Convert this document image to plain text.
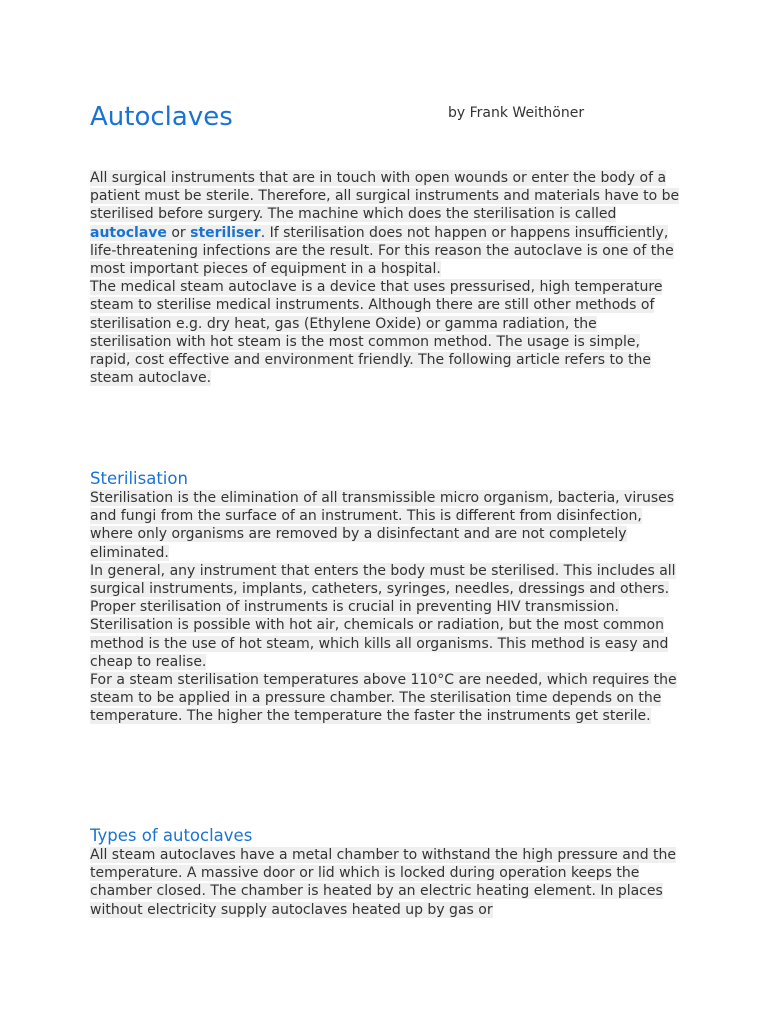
Autoclaves	by Frank Weithöner

All surgical instruments that are in touch with open wounds or enter the body of a patient must be sterile. Therefore, all surgical instruments and materials have to be sterilised before surgery. The machine which does the sterilisation is called autoclave or steriliser. If sterilisation does not happen or happens insufficiently, life-threatening infections are the result. For this reason the autoclave is one of the most important pieces of equipment in a hospital.

The medical steam autoclave is a device that uses pressurised, high temperature steam to sterilise medical instruments. Although there are still other methods of sterilisation e.g. dry heat, gas (Ethylene Oxide) or gamma radiation, the sterilisation with hot steam is the most common method. The usage is simple, rapid, cost effective and environment friendly. The following article refers to the steam autoclave.

Sterilisation

Sterilisation is the elimination of all transmissible micro organism, bacteria, viruses and fungi from the surface of an instrument. This is different from disinfection, where only organisms are removed by a disinfectant and are not completely eliminated.

In general, any instrument that enters the body must be sterilised. This includes all surgical instruments, implants, catheters, syringes, needles, dressings and others.

Proper sterilisation of instruments is crucial in preventing HIV transmission. Sterilisation is possible with hot air, chemicals or radiation, but the most common method is the use of hot steam, which kills all organisms. This method is easy and cheap to realise.

For a steam sterilisation temperatures above 110°C are needed, which requires the steam to be applied in a pressure chamber. The sterilisation time depends on the temperature. The higher the temperature the faster the instruments get sterile.

Types of autoclaves

All steam autoclaves have a metal chamber to withstand the high pressure and the temperature. A massive door or lid which is locked during operation keeps the chamber closed. The chamber is heated by an electric heating element. In places without electricity supply autoclaves heated up by gas or
